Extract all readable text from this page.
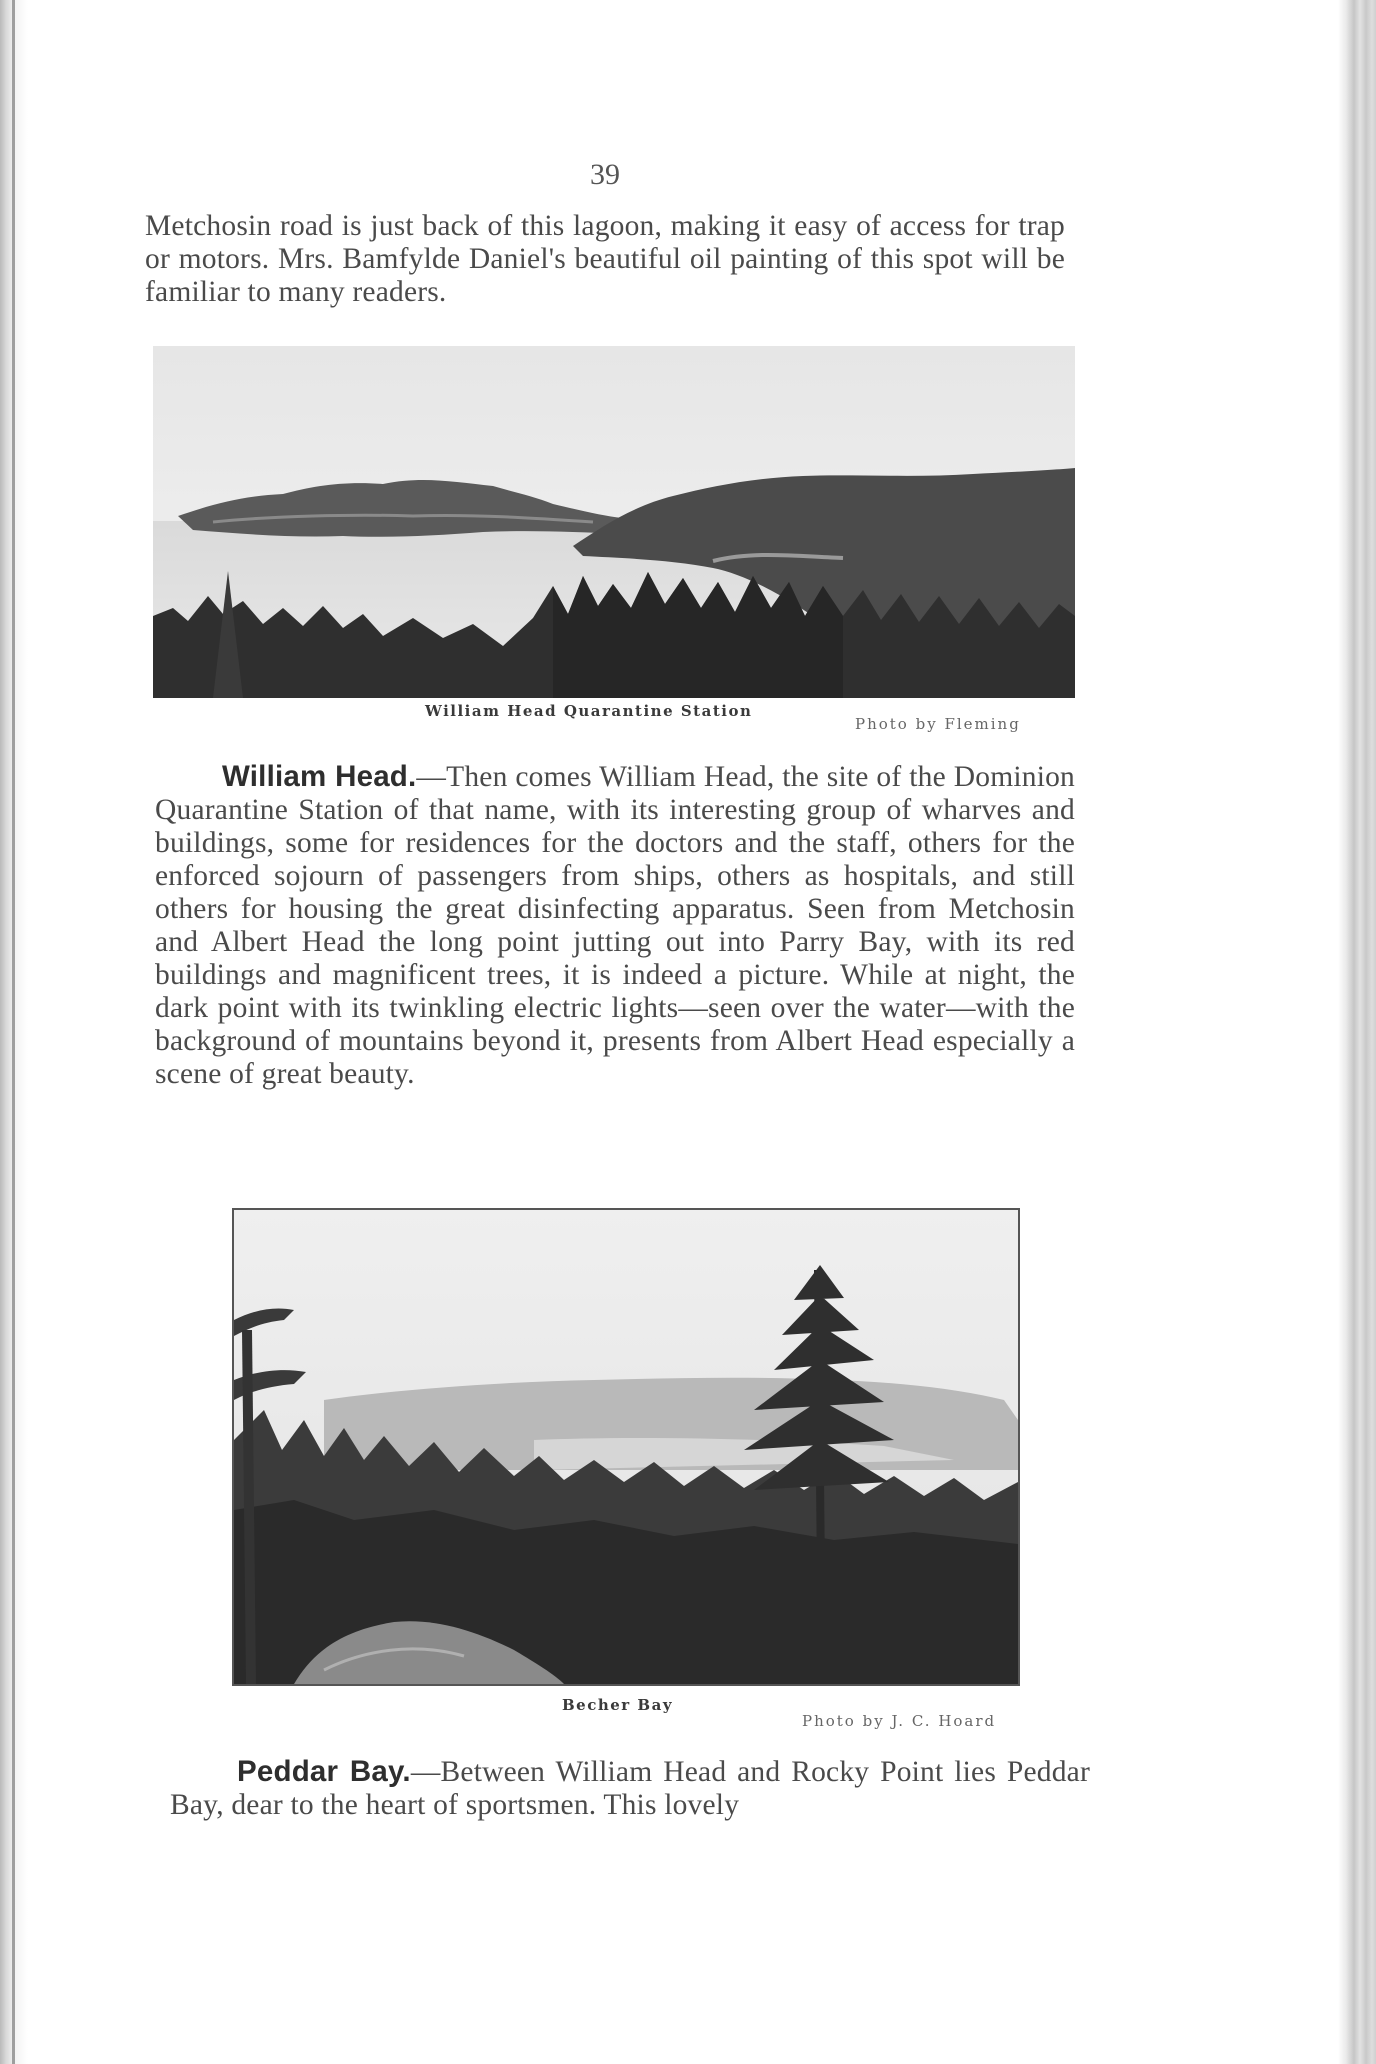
39

Metchosin road is just back of this lagoon, making it easy of access for trap or motors. Mrs. Bamfylde Daniel's beautiful oil painting of this spot will be familiar to many readers.

William Head Quarantine Station
Photo by Fleming

William Head.—Then comes William Head, the site of the Dominion Quarantine Station of that name, with its interesting group of wharves and buildings, some for residences for the doctors and the staff, others for the enforced sojourn of passengers from ships, others as hospitals, and still others for housing the great disinfecting apparatus. Seen from Metchosin and Albert Head the long point jutting out into Parry Bay, with its red buildings and magnificent trees, it is indeed a picture. While at night, the dark point with its twinkling electric lights—seen over the water—with the background of mountains beyond it, presents from Albert Head especially a scene of great beauty.

Becher Bay
Photo by J. C. Hoard

Peddar Bay.—Between William Head and Rocky Point lies Peddar Bay, dear to the heart of sportsmen. This lovely
